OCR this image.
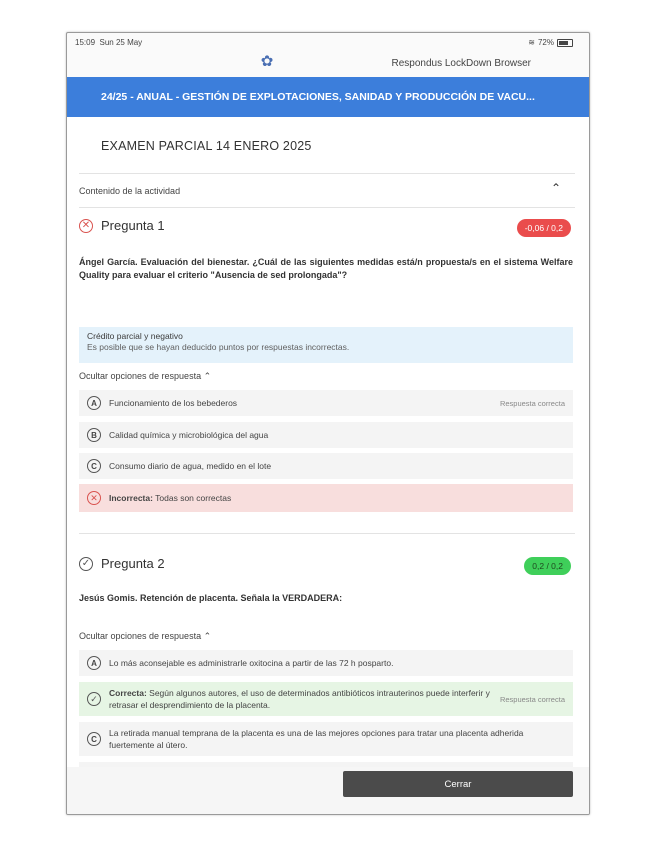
15:09 Sun 25 May	≋ 72%
✿	Respondus LockDown Browser
24/25 - ANUAL - GESTIÓN DE EXPLOTACIONES, SANIDAD Y PRODUCCIÓN DE VACU...
EXAMEN PARCIAL 14 ENERO 2025
Contenido de la actividad	⌃
✕ Pregunta 1	-0,06 / 0,2
Ángel García. Evaluación del bienestar. ¿Cuál de las siguientes medidas está/n propuesta/s en el sistema Welfare Quality para evaluar el criterio "Ausencia de sed prolongada"?
Crédito parcial y negativo
Es posible que se hayan deducido puntos por respuestas incorrectas.
Ocultar opciones de respuesta ⌃
A	Funcionamiento de los bebederos	Respuesta correcta
B	Calidad química y microbiológica del agua
C	Consumo diario de agua, medido en el lote
✕	Incorrecta: Todas son correctas
✓ Pregunta 2	0,2 / 0,2
Jesús Gomis. Retención de placenta. Señala la VERDADERA:
Ocultar opciones de respuesta ⌃
A	Lo más aconsejable es administrarle oxitocina a partir de las 72 h posparto.
✓
Correcta: Según algunos autores, el uso de determinados antibióticos intrauterinos puede interferir y retrasar el desprendimiento de la placenta.
Respuesta correcta
C
La retirada manual temprana de la placenta es una de las mejores opciones para tratar una placenta adherida fuertemente al útero.
Cerrar
